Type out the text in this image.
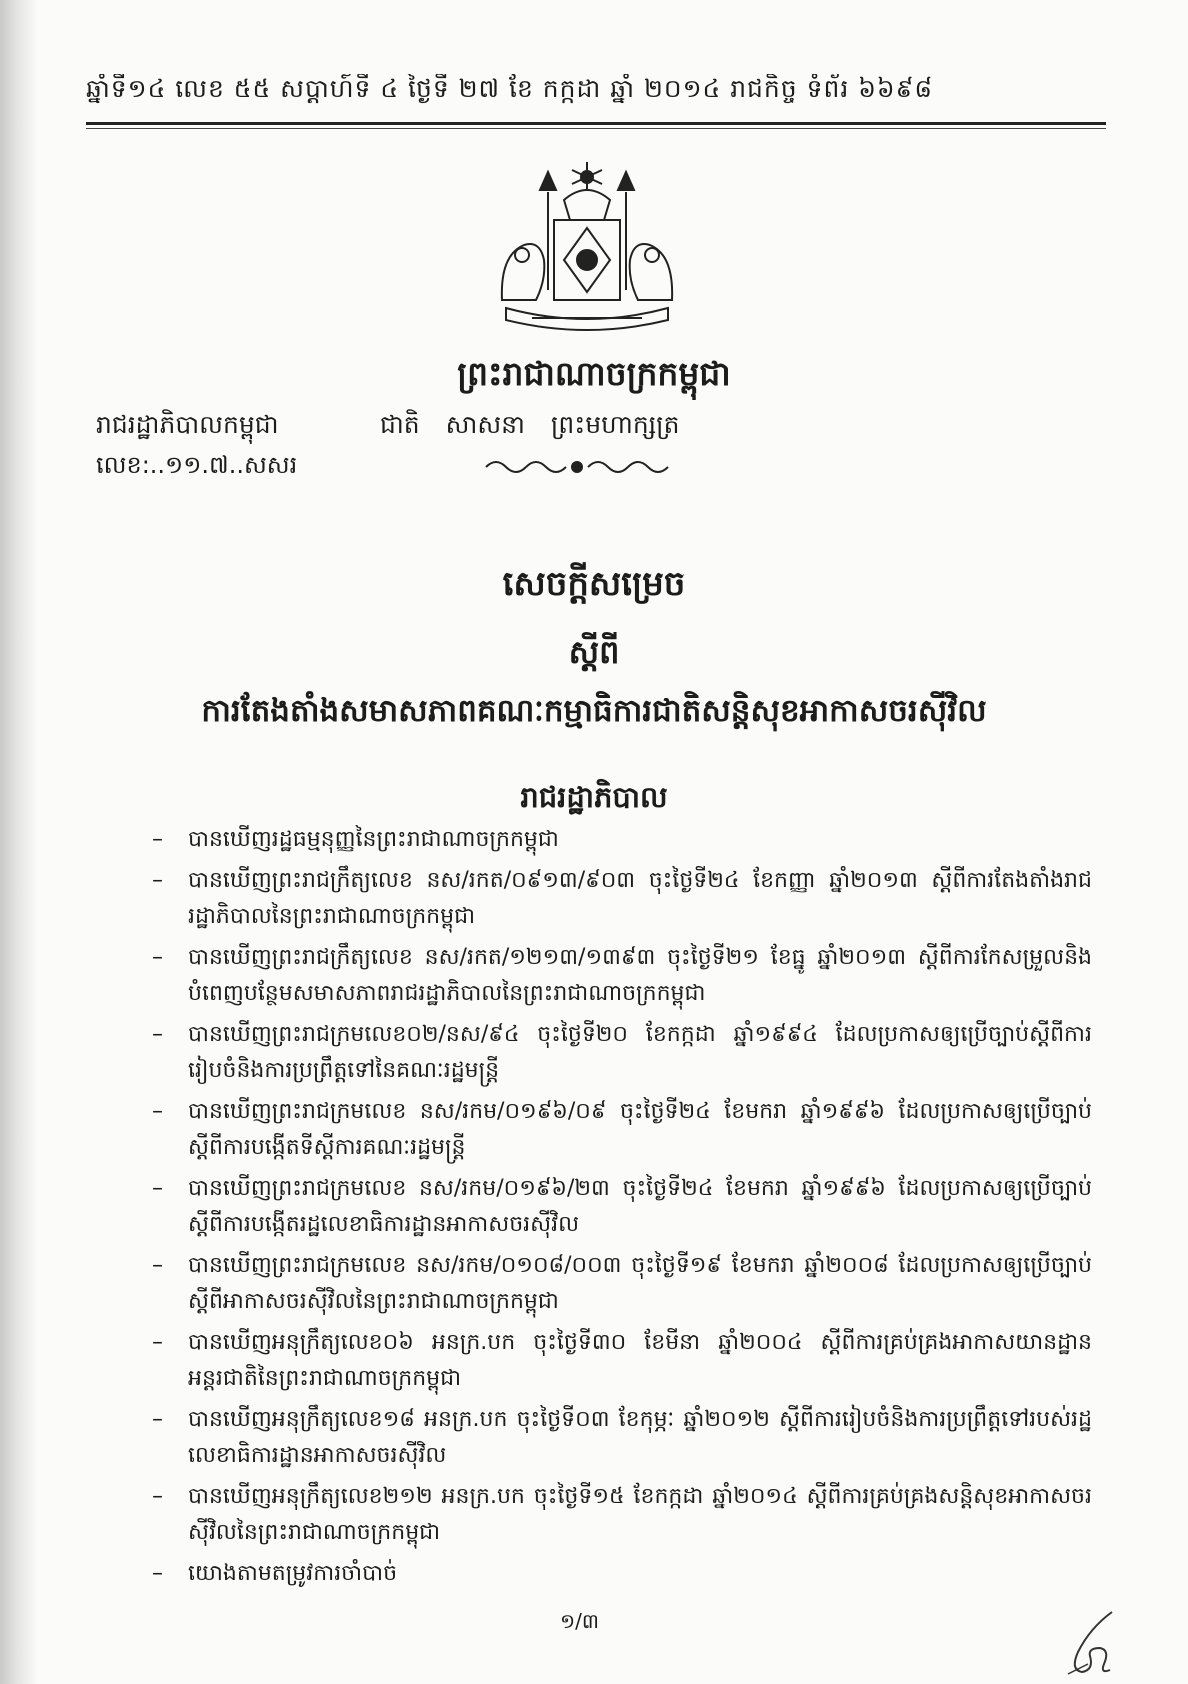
ឆ្នាំទី១៤ លេខ ៥៥ សប្តាហ៍ទី ៤ ថ្ងៃទី ២៧ ខែ កក្កដា ឆ្នាំ ២០១៤ រាជកិច្ច ទំព័រ ៦៦៩៨
ព្រះរាជាណាចក្រកម្ពុជា
ជាតិ សាសនា ព្រះមហាក្សត្រ
រាជរដ្ឋាភិបាលកម្ពុជា
លេខ:..១១.៧..សសរ
សេចក្តីសម្រេច
ស្តីពី
ការតែងតាំងសមាសភាពគណៈកម្មាធិការជាតិសន្តិសុខអាកាសចរស៊ីវិល
រាជរដ្ឋាភិបាល
– បានឃើញរដ្ឋធម្មនុញ្ញនៃព្រះរាជាណាចក្រកម្ពុជា
– បានឃើញព្រះរាជក្រឹត្យលេខ នស/រកត/០៩១៣/៩០៣ ចុះថ្ងៃទី២៤ ខែកញ្ញា ឆ្នាំ២០១៣ ស្តីពីការតែងតាំងរាជរដ្ឋាភិបាលនៃព្រះរាជាណាចក្រកម្ពុជា
– បានឃើញព្រះរាជក្រឹត្យលេខ នស/រកត/១២១៣/១៣៩៣ ចុះថ្ងៃទី២១ ខែធ្នូ ឆ្នាំ២០១៣ ស្តីពីការកែសម្រួលនិងបំពេញបន្ថែមសមាសភាពរាជរដ្ឋាភិបាលនៃព្រះរាជាណាចក្រកម្ពុជា
– បានឃើញព្រះរាជក្រមលេខ០២/នស/៩៤ ចុះថ្ងៃទី២០ ខែកក្កដា ឆ្នាំ១៩៩៤ ដែលប្រកាសឲ្យប្រើច្បាប់ស្តីពីការរៀបចំនិងការប្រព្រឹត្តទៅនៃគណៈរដ្ឋមន្ត្រី
– បានឃើញព្រះរាជក្រមលេខ នស/រកម/០១៩៦/០៩ ចុះថ្ងៃទី២៤ ខែមករា ឆ្នាំ១៩៩៦ ដែលប្រកាសឲ្យប្រើច្បាប់ស្តីពីការបង្កើតទីស្តីការគណៈរដ្ឋមន្ត្រី
– បានឃើញព្រះរាជក្រមលេខ នស/រកម/០១៩៦/២៣ ចុះថ្ងៃទី២៤ ខែមករា ឆ្នាំ១៩៩៦ ដែលប្រកាសឲ្យប្រើច្បាប់ស្តីពីការបង្កើតរដ្ឋលេខាធិការដ្ឋានអាកាសចរស៊ីវិល
– បានឃើញព្រះរាជក្រមលេខ នស/រកម/០១០៨/០០៣ ចុះថ្ងៃទី១៩ ខែមករា ឆ្នាំ២០០៨ ដែលប្រកាសឲ្យប្រើច្បាប់ស្តីពីអាកាសចរស៊ីវិលនៃព្រះរាជាណាចក្រកម្ពុជា
– បានឃើញអនុក្រឹត្យលេខ០៦ អនក្រ.បក ចុះថ្ងៃទី៣០ ខែមីនា ឆ្នាំ២០០៤ ស្តីពីការគ្រប់គ្រងអាកាសយានដ្ឋានអន្តរជាតិនៃព្រះរាជាណាចក្រកម្ពុជា
– បានឃើញអនុក្រឹត្យលេខ១៨ អនក្រ.បក ចុះថ្ងៃទី០៣ ខែកុម្ភៈ ឆ្នាំ២០១២ ស្តីពីការរៀបចំនិងការប្រព្រឹត្តទៅរបស់រដ្ឋលេខាធិការដ្ឋានអាកាសចរស៊ីវិល
– បានឃើញអនុក្រឹត្យលេខ២១២ អនក្រ.បក ចុះថ្ងៃទី១៥ ខែកក្កដា ឆ្នាំ២០១៤ ស្តីពីការគ្រប់គ្រងសន្តិសុខអាកាសចរស៊ីវិលនៃព្រះរាជាណាចក្រកម្ពុជា
– យោងតាមតម្រូវការចាំបាច់
១/៣
